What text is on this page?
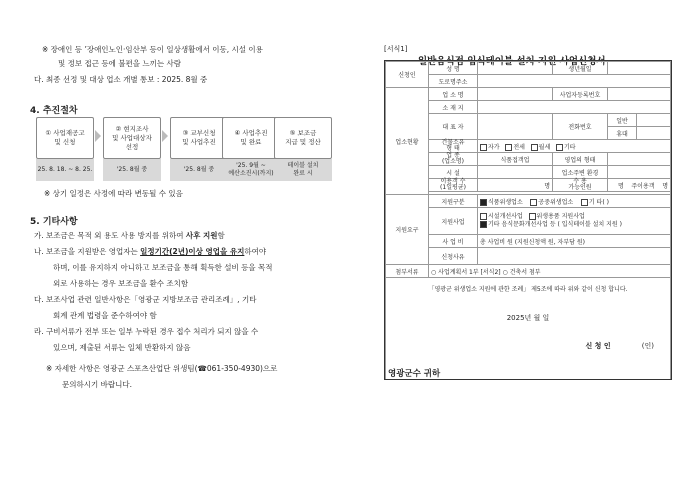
※ 장애인 등 ’장애인노인·임산부 등이 일상생활에서 이동, 시설 이용
및 정보 접근 등에 불편을 느끼는 사람
다. 최종 선정 및 대상 업소 개별 통보 : 2025. 8월 중
4. 추진절차
① 사업재공고
및 신청
25. 8. 18. ~ 8. 25.
② 현지조사
및 사업대상자
선정
'25. 8월 중
③ 교부신청
및 사업추진
'25. 8월 중
④ 사업추진
및 완료
'25. 9월 ~
예산소진시(까지)
⑤ 보조금
지급 및 정산
테이블 설치
완료 시
※ 상기 일정은 사정에 따라 변동될 수 있음
5. 기타사항
가. 보조금은 목적 외 용도 사용 방지를 위하여 사후 지원함
나. 보조금을 지원받은 영업자는 일정기간(2년)이상 영업을 유지하여야
하며, 이를 유지하지 아니하고 보조금을 통해 획득한 설비 등을 목적
외로 사용하는 경우 보조금을 환수 조치함
다. 보조사업 관련 일반사항은「영광군 지방보조금 관리조례」, 기타
회계 관계 법령을 준수하여야 함
라. 구비서류가 전부 또는 일부 누락된 경우 접수 처리가 되지 않을 수
있으며, 제출된 서류는 일체 반환하지 않음
※ 자세한 사항은 영광군 스포츠산업단 위생팀(☎061-350-4930)으로
문의하시기 바랍니다.
[서식1]
일반음식점 입식테이블 설치 지원 사업신청서
신청인	성 명		생년월일		
	도로명주소				
업소현황	업 소 명		사업자등록번호		
	소 재 지				
	대 표 자		전화번호	일반	
				휴대	
	건물소유
형 태	자가 전세 월세 기타			
	업 종
(업소명)	식품접객업	영업의 형태		
	시 설		업소주변 환경		
	이용객 수
(1일평균)	명	수 용
가능인원	명 주이용객 명	

지원요구	지원구분	식품위생업소 공중위생업소 기 타( )			
	지원사업	시설개선사업 위생용품 지원사업
기타 음식문화개선사업 등 ( 입식테이블 설치 지원 )			
	사 업 비	총 사업비 원 (지원신청액 원, 자부담 원)			
	신청사유				
첨부서류	○ 사업계획서 1부 [서식2] ○ 건축서 첨부				

「영광군 위생업소 지원에 관한 조례」 제5조에 따라 위와 같이 신청 합니다.
2025년 월 일
신 청 인 (인)
영광군수 귀하					
